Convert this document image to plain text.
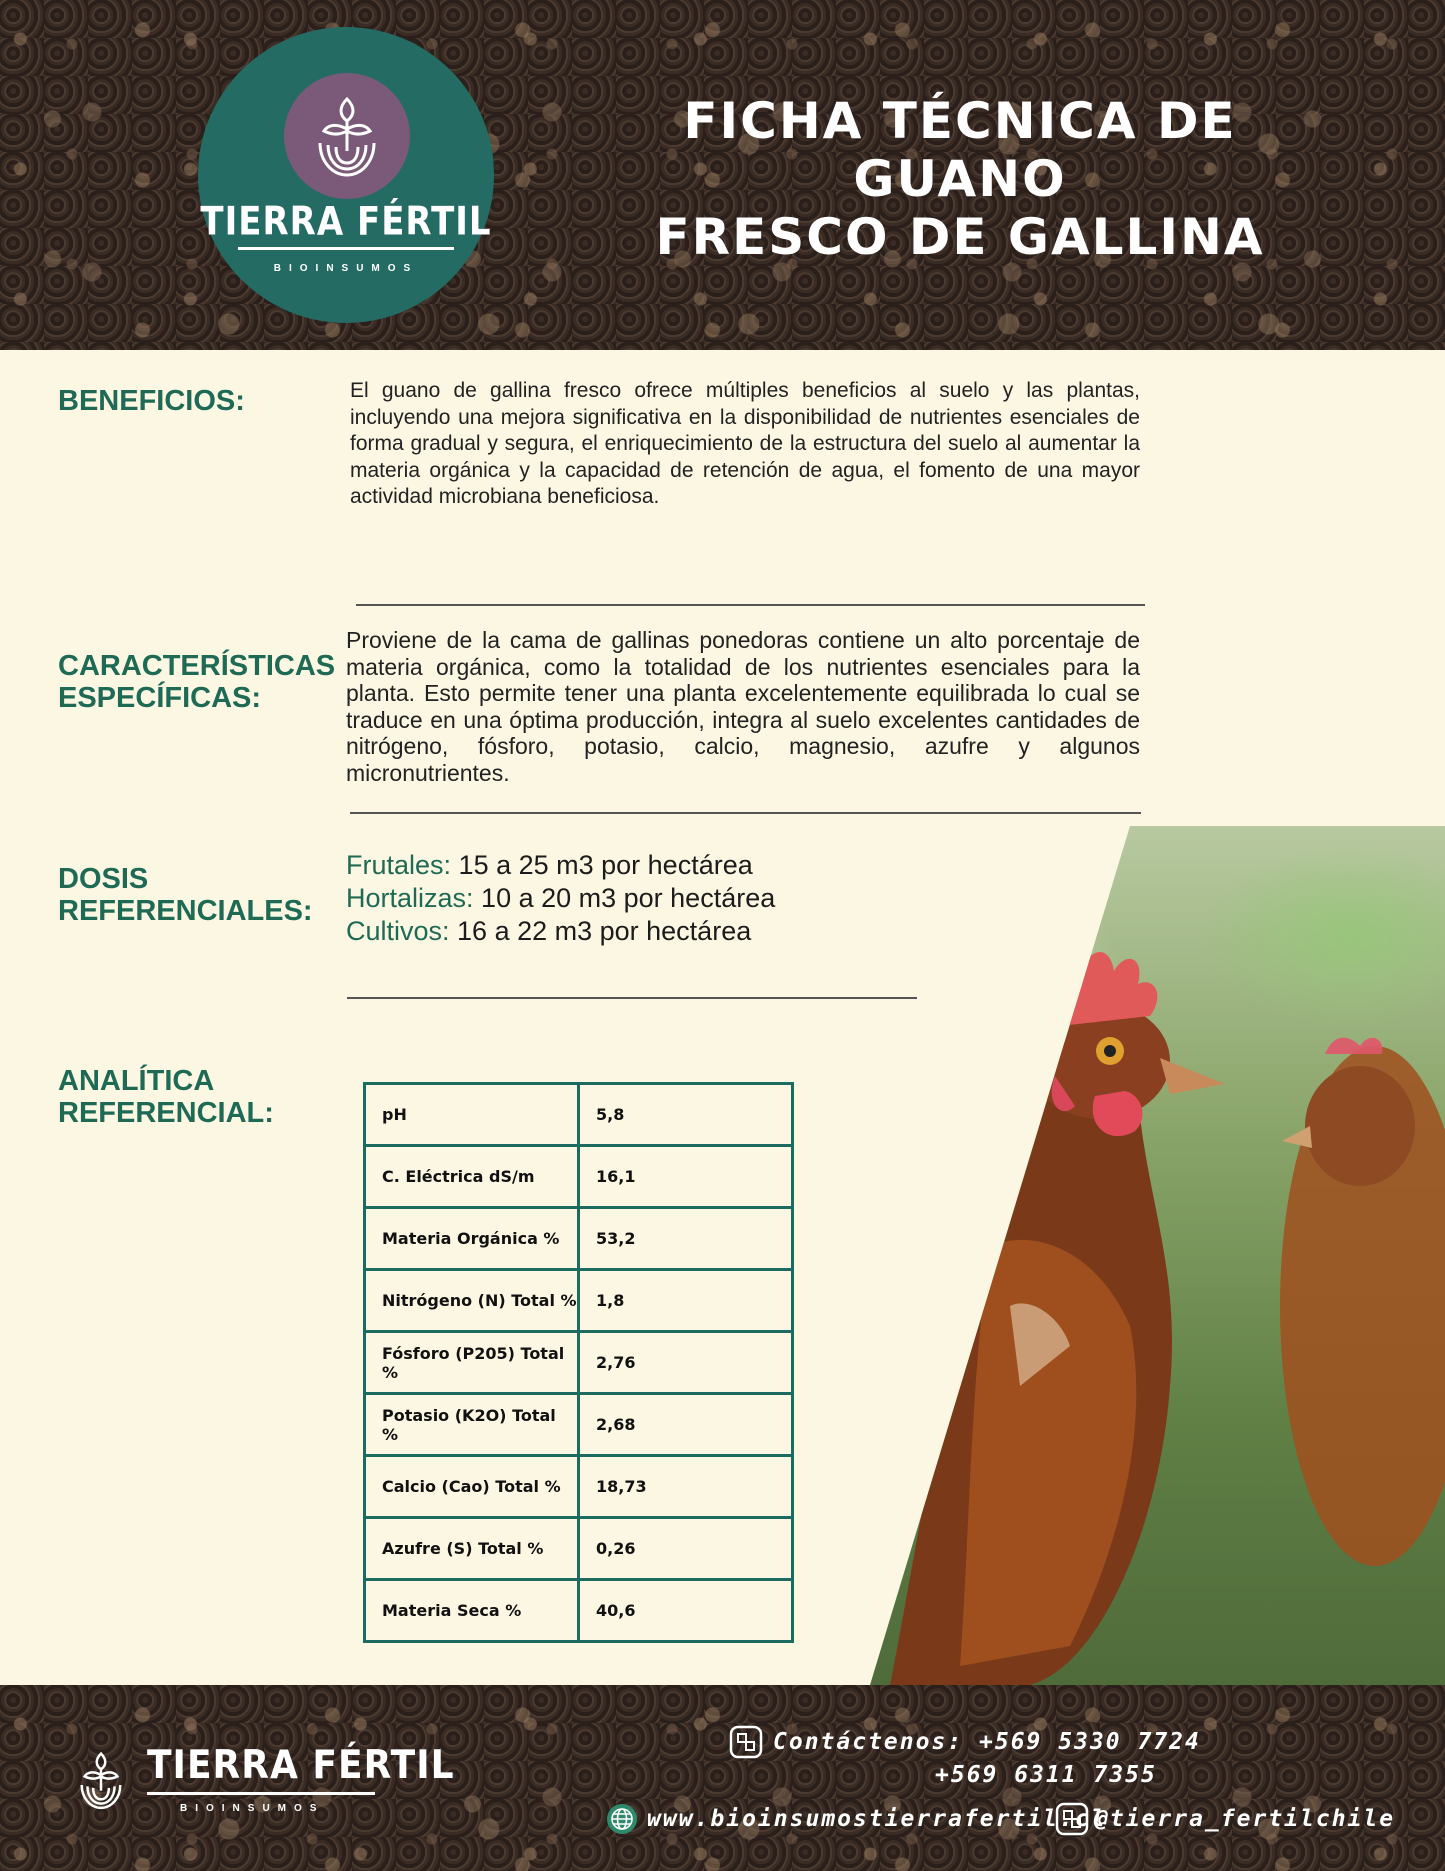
TIERRA FÉRTIL
BIOINSUMOS
FICHA TÉCNICA DE GUANO
FRESCO DE GALLINA
BENEFICIOS:	El guano de gallina fresco ofrece múltiples beneficios al suelo y las plantas, incluyendo una mejora significativa en la disponibilidad de nutrientes esenciales de forma gradual y segura, el enriquecimiento de la estructura del suelo al aumentar la materia orgánica y la capacidad de retención de agua, el fomento de una mayor actividad microbiana beneficiosa.
CARACTERÍSTICAS
ESPECÍFICAS:
Proviene de la cama de gallinas ponedoras contiene un alto porcentaje de materia orgánica, como la totalidad de los nutrientes esenciales para la planta. Esto permite tener una planta excelentemente equilibrada lo cual se traduce en una óptima producción, integra al suelo excelentes cantidades de nitrógeno, fósforo, potasio, calcio, magnesio, azufre y algunos micronutrientes.
DOSIS
REFERENCIALES:
Frutales: 15 a 25 m3 por hectárea
Hortalizas: 10 a 20 m3 por hectárea
Cultivos: 16 a 22 m3 por hectárea
ANALÍTICA
REFERENCIAL:	pH	5,8
C. Eléctrica dS/m	16,1
Materia Orgánica %	53,2
Nitrógeno (N) Total %	1,8
Fósforo (P205) Total %	2,76
Potasio (K2O) Total %	2,68
Calcio (Cao) Total %	18,73
Azufre (S) Total %	0,26
Materia Seca %	40,6
TIERRA FÉRTIL
BIOINSUMOS
Contáctenos: +569 5330 7724
+569 6311 7355
www.bioinsumostierrafertil.cl
@tierra_fertilchile
